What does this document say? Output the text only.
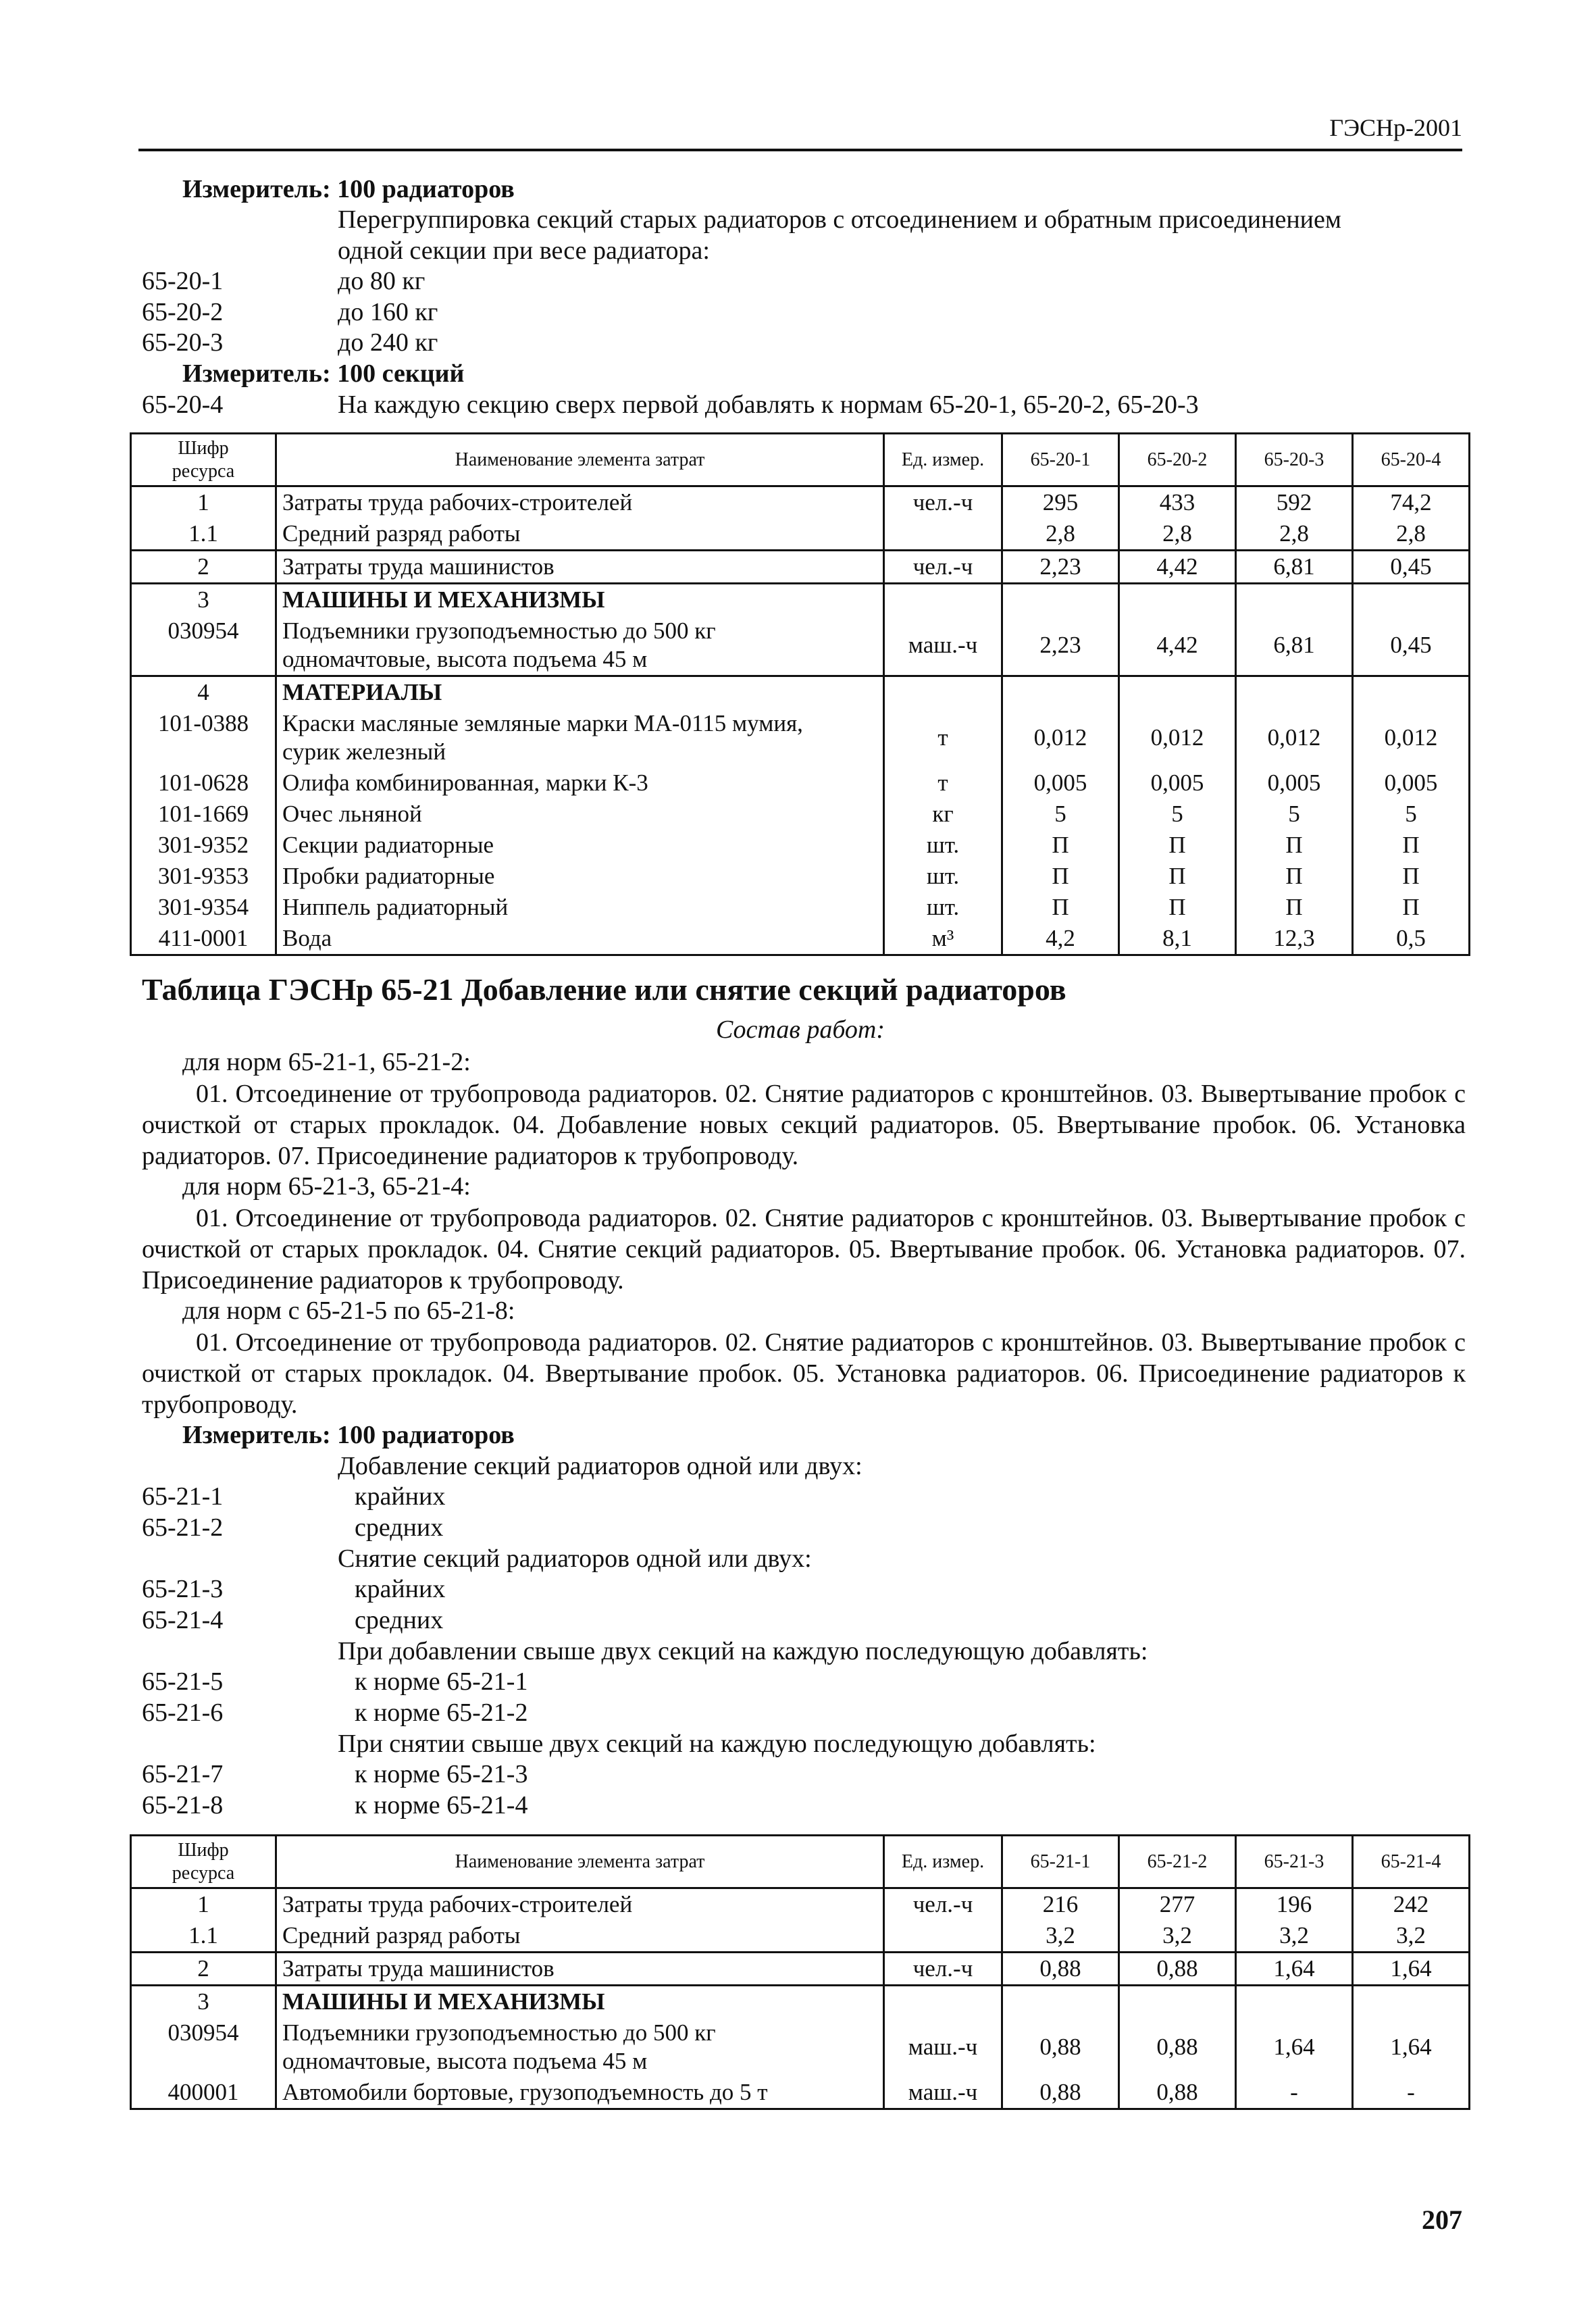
ГЭСНр-2001
Измеритель: 100 радиаторов
Перегруппировка секций старых радиаторов с отсоединением и обратным присоединением
одной секции при весе радиатора:
65-20-1	до 80 кг
65-20-2	до 160 кг
65-20-3	до 240 кг
Измеритель: 100 секций
65-20-4	На каждую секцию сверх первой добавлять к нормам 65-20-1, 65-20-2, 65-20-3
Шифр
ресурса	Наименование элемента затрат	Ед. измер.	65-20-1	65-20-2	65-20-3	65-20-4
1	Затраты труда рабочих-строителей	чел.-ч	295	433	592	74,2
1.1	Средний разряд работы		2,8	2,8	2,8	2,8
2	Затраты труда машинистов	чел.-ч	2,23	4,42	6,81	0,45
3	МАШИНЫ И МЕХАНИЗМЫ					
030954	Подъемники грузоподъемностью до 500 кг
одномачтовые, высота подъема 45 м	маш.-ч	2,23	4,42	6,81	0,45
4	МАТЕРИАЛЫ					
101-0388	Краски масляные земляные марки МА-0115 мумия,
сурик железный	т	0,012	0,012	0,012	0,012
101-0628	Олифа комбинированная, марки К-3	т	0,005	0,005	0,005	0,005
101-1669	Очес льняной	кг	5	5	5	5
301-9352	Секции радиаторные	шт.	П	П	П	П
301-9353	Пробки радиаторные	шт.	П	П	П	П
301-9354	Ниппель радиаторный	шт.	П	П	П	П
411-0001	Вода	м³	4,2	8,1	12,3	0,5
Таблица ГЭСНр 65-21 Добавление или снятие секций радиаторов
Состав работ:
для норм 65-21-1, 65-21-2:
01. Отсоединение от трубопровода радиаторов. 02. Снятие радиаторов с кронштейнов. 03. Вывертывание пробок с очисткой от старых прокладок. 04. Добавление новых секций радиаторов. 05. Ввертывание пробок. 06. Установка радиаторов. 07. Присоединение радиаторов к трубопроводу.
для норм 65-21-3, 65-21-4:
01. Отсоединение от трубопровода радиаторов. 02. Снятие радиаторов с кронштейнов. 03. Вывертывание пробок с очисткой от старых прокладок. 04. Снятие секций радиаторов. 05. Ввертывание пробок. 06. Установка радиаторов. 07. Присоединение радиаторов к трубопроводу.
для норм с 65-21-5 по 65-21-8:
01. Отсоединение от трубопровода радиаторов. 02. Снятие радиаторов с кронштейнов. 03. Вывертывание пробок с очисткой от старых прокладок. 04. Ввертывание пробок. 05. Установка радиаторов. 06. Присоединение радиаторов к трубопроводу.
Измеритель: 100 радиаторов
Добавление секций радиаторов одной или двух:
65-21-1	крайних
65-21-2	средних
Снятие секций радиаторов одной или двух:
65-21-3	крайних
65-21-4	средних
При добавлении свыше двух секций на каждую последующую добавлять:
65-21-5	к норме 65-21-1
65-21-6	к норме 65-21-2
При снятии свыше двух секций на каждую последующую добавлять:
65-21-7	к норме 65-21-3
65-21-8	к норме 65-21-4
Шифр
ресурса	Наименование элемента затрат	Ед. измер.	65-21-1	65-21-2	65-21-3	65-21-4
1	Затраты труда рабочих-строителей	чел.-ч	216	277	196	242
1.1	Средний разряд работы		3,2	3,2	3,2	3,2
2	Затраты труда машинистов	чел.-ч	0,88	0,88	1,64	1,64
3	МАШИНЫ И МЕХАНИЗМЫ					
030954	Подъемники грузоподъемностью до 500 кг
одномачтовые, высота подъема 45 м	маш.-ч	0,88	0,88	1,64	1,64
400001	Автомобили бортовые, грузоподъемность до 5 т	маш.-ч	0,88	0,88	-	-
207
